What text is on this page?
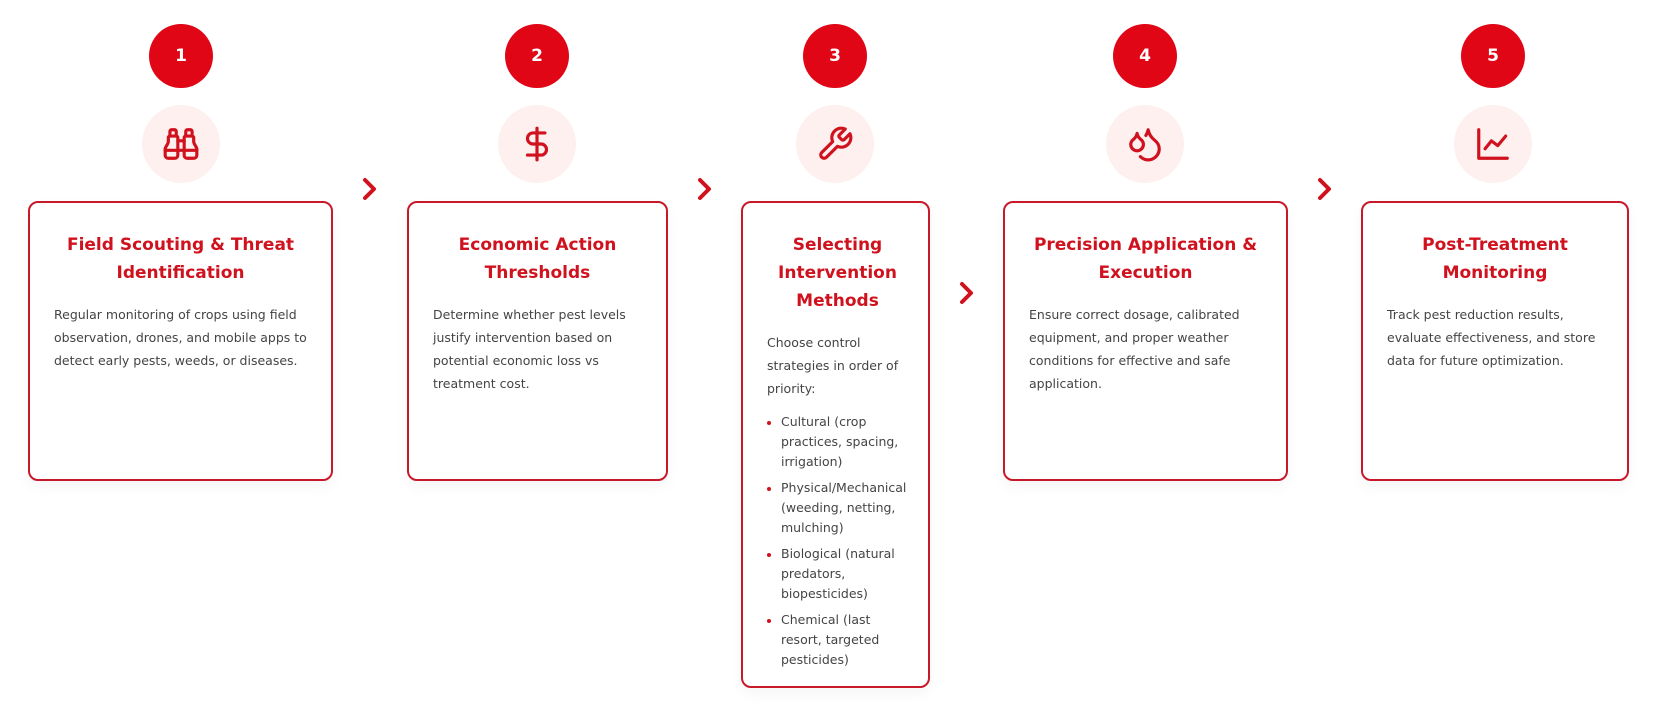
1
Field Scouting & Threat Identification

Regular monitoring of crops using field observation, drones, and mobile apps to detect early pests, weeds, or diseases.

2
Economic Action Thresholds

Determine whether pest levels justify intervention based on potential economic loss vs treatment cost.

3
Selecting Intervention Methods

Choose control strategies in order of priority:

Cultural (crop practices, spacing, irrigation)
Physical/Mechanical (weeding, netting, mulching)
Biological (natural predators, biopesticides)
Chemical (last resort, targeted pesticides)
4
Precision Application & Execution

Ensure correct dosage, calibrated equipment, and proper weather conditions for effective and safe application.

5
Post-Treatment Monitoring

Track pest reduction results, evaluate effectiveness, and store data for future optimization.
